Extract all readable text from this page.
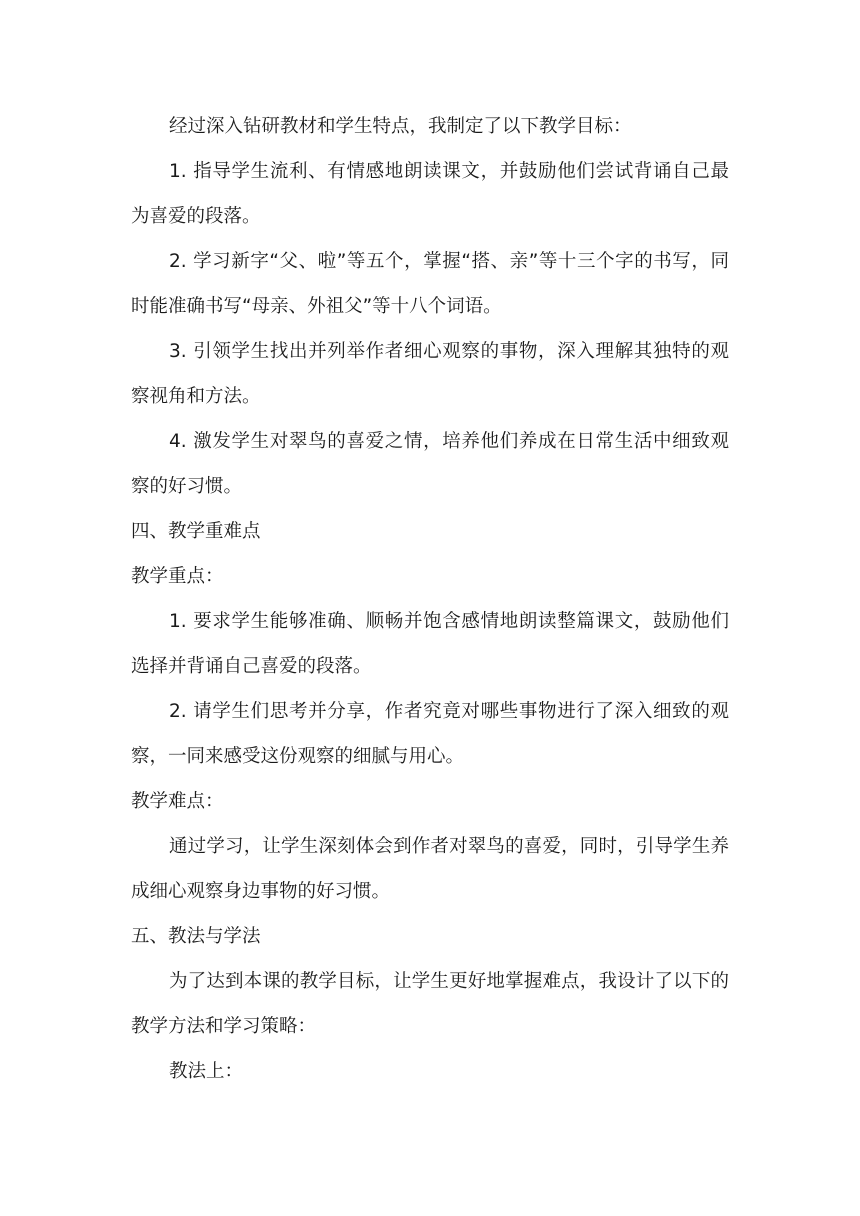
经过深入钻研教材和学生特点，我制定了以下教学目标：

1. 指导学生流利、有情感地朗读课文，并鼓励他们尝试背诵自己最为喜爱的段落。

2. 学习新字“父、啦”等五个，掌握“搭、亲”等十三个字的书写，同时能准确书写“母亲、外祖父”等十八个词语。

3. 引领学生找出并列举作者细心观察的事物，深入理解其独特的观察视角和方法。

4. 激发学生对翠鸟的喜爱之情，培养他们养成在日常生活中细致观察的好习惯。

四、教学重难点

教学重点：

1. 要求学生能够准确、顺畅并饱含感情地朗读整篇课文，鼓励他们选择并背诵自己喜爱的段落。

2. 请学生们思考并分享，作者究竟对哪些事物进行了深入细致的观察，一同来感受这份观察的细腻与用心。

教学难点：

通过学习，让学生深刻体会到作者对翠鸟的喜爱，同时，引导学生养成细心观察身边事物的好习惯。

五、教法与学法

为了达到本课的教学目标，让学生更好地掌握难点，我设计了以下的教学方法和学习策略：

教法上：
